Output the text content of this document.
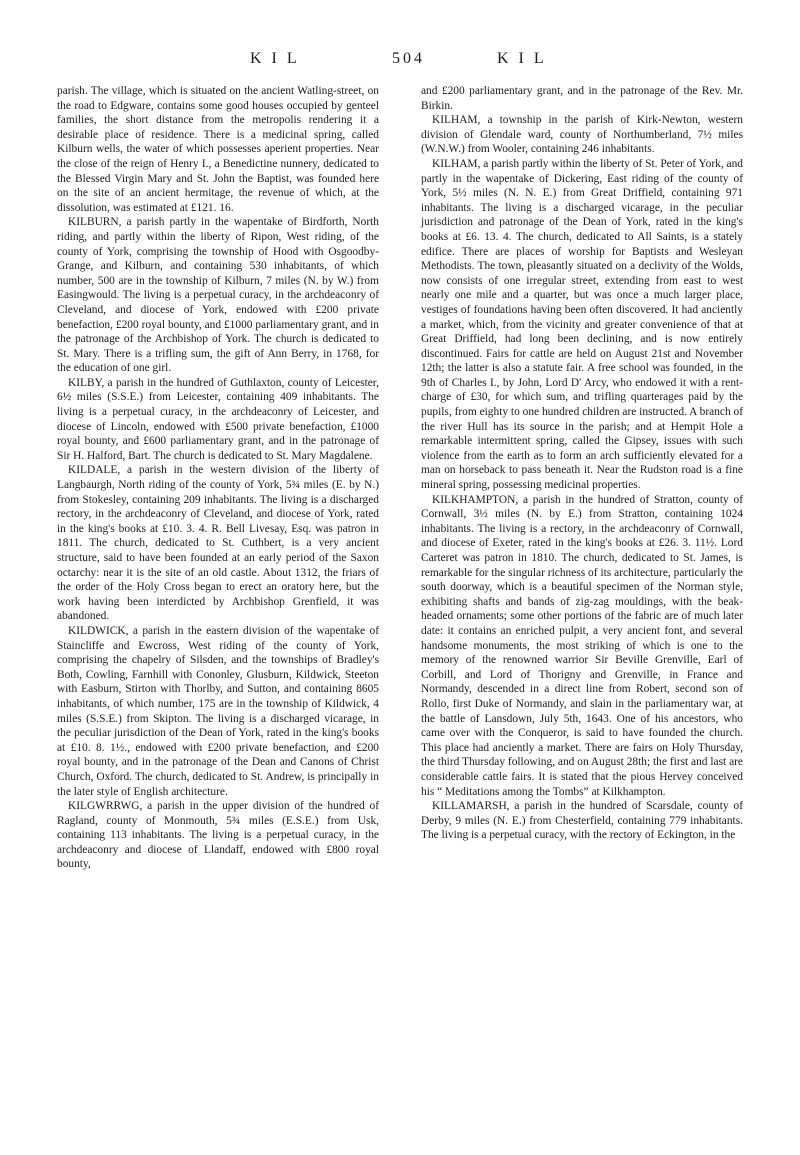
K I L	504	K I L

parish. The village, which is situated on the ancient Watling-street, on the road to Edgware, contains some good houses occupied by genteel families, the short distance from the metropolis rendering it a desirable place of residence. There is a medicinal spring, called Kilburn wells, the water of which possesses aperient properties. Near the close of the reign of Henry I., a Benedictine nunnery, dedicated to the Blessed Virgin Mary and St. John the Baptist, was founded here on the site of an ancient hermitage, the revenue of which, at the dissolution, was estimated at £121. 16.

KILBURN, a parish partly in the wapentake of Birdforth, North riding, and partly within the liberty of Ripon, West riding, of the county of York, comprising the township of Hood with Osgoodby-Grange, and Kilburn, and containing 530 inhabitants, of which number, 500 are in the township of Kilburn, 7 miles (N. by W.) from Easingwould. The living is a perpetual curacy, in the archdeaconry of Cleveland, and diocese of York, endowed with £200 private benefaction, £200 royal bounty, and £1000 parliamentary grant, and in the patronage of the Archbishop of York. The church is dedicated to St. Mary. There is a trifling sum, the gift of Ann Berry, in 1768, for the education of one girl.

KILBY, a parish in the hundred of Guthlaxton, county of Leicester, 6½ miles (S.S.E.) from Leicester, containing 409 inhabitants. The living is a perpetual curacy, in the archdeaconry of Leicester, and diocese of Lincoln, endowed with £500 private benefaction, £1000 royal bounty, and £600 parliamentary grant, and in the patronage of Sir H. Halford, Bart. The church is dedicated to St. Mary Magdalene.

KILDALE, a parish in the western division of the liberty of Langbaurgh, North riding of the county of York, 5¾ miles (E. by N.) from Stokesley, containing 209 inhabitants. The living is a discharged rectory, in the archdeaconry of Cleveland, and diocese of York, rated in the king's books at £10. 3. 4. R. Bell Livesay, Esq. was patron in 1811. The church, dedicated to St. Cuthbert, is a very ancient structure, said to have been founded at an early period of the Saxon octarchy: near it is the site of an old castle. About 1312, the friars of the order of the Holy Cross began to erect an oratory here, but the work having been interdicted by Archbishop Grenfield, it was abandoned.

KILDWICK, a parish in the eastern division of the wapentake of Staincliffe and Ewcross, West riding of the county of York, comprising the chapelry of Silsden, and the townships of Bradley's Both, Cowling, Farnhill with Cononley, Glusburn, Kildwick, Steeton with Easburn, Stirton with Thorlby, and Sutton, and containing 8605 inhabitants, of which number, 175 are in the township of Kildwick, 4 miles (S.S.E.) from Skipton. The living is a discharged vicarage, in the peculiar jurisdiction of the Dean of York, rated in the king's books at £10. 8. 1½., endowed with £200 private benefaction, and £200 royal bounty, and in the patronage of the Dean and Canons of Christ Church, Oxford. The church, dedicated to St. Andrew, is principally in the later style of English architecture.

KILGWRRWG, a parish in the upper division of the hundred of Ragland, county of Monmouth, 5¾ miles (E.S.E.) from Usk, containing 113 inhabitants. The living is a perpetual curacy, in the archdeaconry and diocese of Llandaff, endowed with £800 royal bounty,

and £200 parliamentary grant, and in the patronage of the Rev. Mr. Birkin.

KILHAM, a township in the parish of Kirk-Newton, western division of Glendale ward, county of Northumberland, 7½ miles (W.N.W.) from Wooler, containing 246 inhabitants.

KILHAM, a parish partly within the liberty of St. Peter of York, and partly in the wapentake of Dickering, East riding of the county of York, 5½ miles (N. N. E.) from Great Driffield, containing 971 inhabitants. The living is a discharged vicarage, in the peculiar jurisdiction and patronage of the Dean of York, rated in the king's books at £6. 13. 4. The church, dedicated to All Saints, is a stately edifice. There are places of worship for Baptists and Wesleyan Methodists. The town, pleasantly situated on a declivity of the Wolds, now consists of one irregular street, extending from east to west nearly one mile and a quarter, but was once a much larger place, vestiges of foundations having been often discovered. It had anciently a market, which, from the vicinity and greater convenience of that at Great Driffield, had long been declining, and is now entirely discontinued. Fairs for cattle are held on August 21st and November 12th; the latter is also a statute fair. A free school was founded, in the 9th of Charles I., by John, Lord D' Arcy, who endowed it with a rent-charge of £30, for which sum, and trifling quarterages paid by the pupils, from eighty to one hundred children are instructed. A branch of the river Hull has its source in the parish; and at Hempit Hole a remarkable intermittent spring, called the Gipsey, issues with such violence from the earth as to form an arch sufficiently elevated for a man on horseback to pass beneath it. Near the Rudston road is a fine mineral spring, possessing medicinal properties.

KILKHAMPTON, a parish in the hundred of Stratton, county of Cornwall, 3½ miles (N. by E.) from Stratton, containing 1024 inhabitants. The living is a rectory, in the archdeaconry of Cornwall, and diocese of Exeter, rated in the king's books at £26. 3. 11½. Lord Carteret was patron in 1810. The church, dedicated to St. James, is remarkable for the singular richness of its architecture, particularly the south doorway, which is a beautiful specimen of the Norman style, exhibiting shafts and bands of zig-zag mouldings, with the beak-headed ornaments; some other portions of the fabric are of much later date: it contains an enriched pulpit, a very ancient font, and several handsome monuments, the most striking of which is one to the memory of the renowned warrior Sir Beville Grenville, Earl of Corbill, and Lord of Thorigny and Grenville, in France and Normandy, descended in a direct line from Robert, second son of Rollo, first Duke of Normandy, and slain in the parliamentary war, at the battle of Lansdown, July 5th, 1643. One of his ancestors, who came over with the Conqueror, is said to have founded the church. This place had anciently a market. There are fairs on Holy Thursday, the third Thursday following, and on August 28th; the first and last are considerable cattle fairs. It is stated that the pious Hervey conceived his “ Meditations among the Tombs” at Kilkhampton.

KILLAMARSH, a parish in the hundred of Scarsdale, county of Derby, 9 miles (N. E.) from Chesterfield, containing 779 inhabitants. The living is a perpetual curacy, with the rectory of Eckington, in the
